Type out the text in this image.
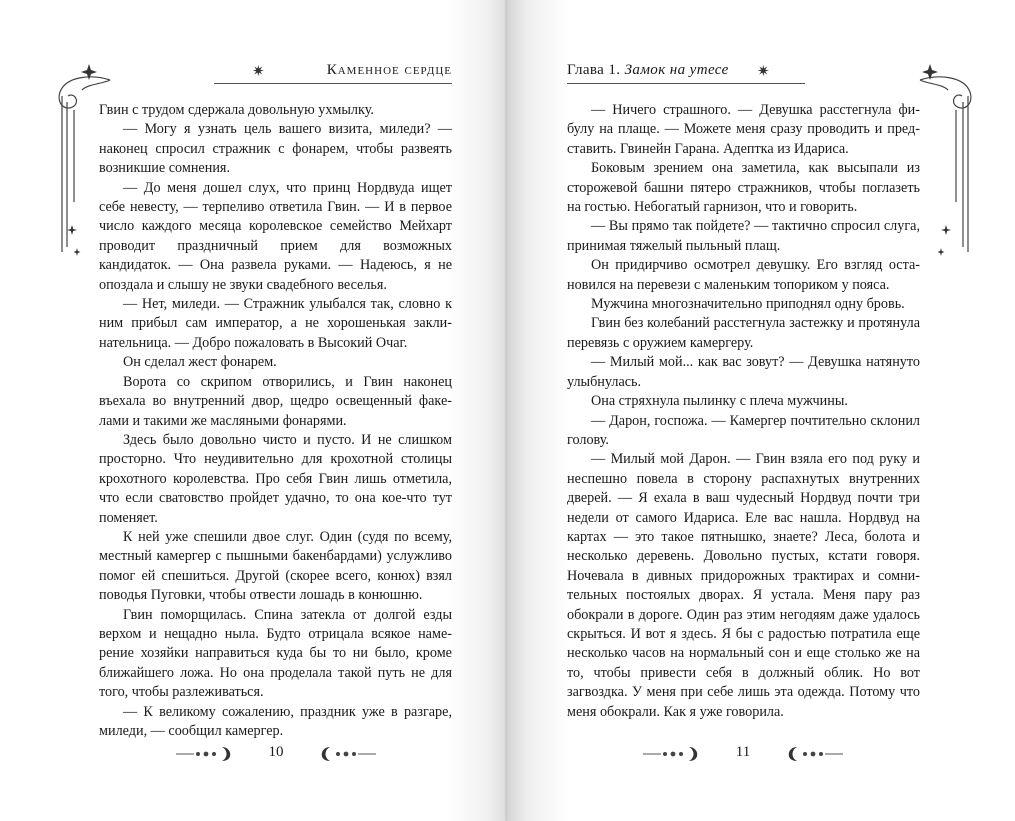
✷	Каменное сердце

Гвин с трудом сдержала довольную ухмылку.

— Могу я узнать цель вашего визита, миледи? — наконец спросил стражник с фонарем, чтобы развеять возникшие сомнения.

— До меня дошел слух, что принц Нордвуда ищет себе невесту, — терпеливо ответила Гвин. — И в первое число каждого месяца королевское семейство Мейхарт проводит праздничный прием для возможных кандидаток. — Она развела руками. — Надеюсь, я не опоздала и слышу не звуки свадебного веселья.

— Нет, миледи. — Стражник улыбался так, словно к ним прибыл сам император, а не хорошенькая заклинательница. — Добро пожаловать в Высокий Очаг.

Он сделал жест фонарем.

Ворота со скрипом отворились, и Гвин наконец въехала во внутренний двор, щедро освещенный факелами и такими же масляными фонарями.

Здесь было довольно чисто и пусто. И не слишком просторно. Что неудивительно для крохотной столицы крохотного королевства. Про себя Гвин лишь отметила, что если сватовство пройдет удачно, то она кое-что тут поменяет.

К ней уже спешили двое слуг. Один (судя по всему, местный камергер с пышными бакенбардами) услужливо помог ей спешиться. Другой (скорее всего, конюх) взял поводья Пуговки, чтобы отвести лошадь в конюшню.

Гвин поморщилась. Спина затекла от долгой езды верхом и нещадно ныла. Будто отрицала всякое намерение хозяйки направиться куда бы то ни было, кроме ближайшего ложа. Но она проделала такой путь не для того, чтобы разлеживаться.

— К великому сожалению, праздник уже в разгаре, миледи, — сообщил камергер.

10
Глава 1. Замок на утесе ✷

— Ничего страшного. — Девушка расстегнула фибулу на плаще. — Можете меня сразу проводить и представить. Гвинейн Гарана. Адептка из Идариса.

Боковым зрением она заметила, как высыпали из сторожевой башни пятеро стражников, чтобы поглазеть на гостью. Небогатый гарнизон, что и говорить.

— Вы прямо так пойдете? — тактично спросил слуга, принимая тяжелый пыльный плащ.

Он придирчиво осмотрел девушку. Его взгляд остановился на перевези с маленьким топориком у пояса.

Мужчина многозначительно приподнял одну бровь.

Гвин без колебаний расстегнула застежку и протянула перевязь с оружием камергеру.

— Милый мой... как вас зовут? — Девушка натянуто улыбнулась.

Она стряхнула пылинку с плеча мужчины.

— Дарон, госпожа. — Камергер почтительно склонил голову.

— Милый мой Дарон. — Гвин взяла его под руку и неспешно повела в сторону распахнутых внутренних дверей. — Я ехала в ваш чудесный Нордвуд почти три недели от самого Идариса. Еле вас нашла. Нордвуд на картах — это такое пятнышко, знаете? Леса, болота и несколько деревень. Довольно пустых, кстати говоря. Ночевала в дивных придорожных трактирах и сомнительных постоялых дворах. Я устала. Меня пару раз обокрали в дороге. Один раз этим негодяям даже удалось скрыться. И вот я здесь. Я бы с радостью потратила еще несколько часов на нормальный сон и еще столько же на то, чтобы привести себя в должный облик. Но вот загвоздка. У меня при себе лишь эта одежда. Потому что меня обокрали. Как я уже говорила.

11
